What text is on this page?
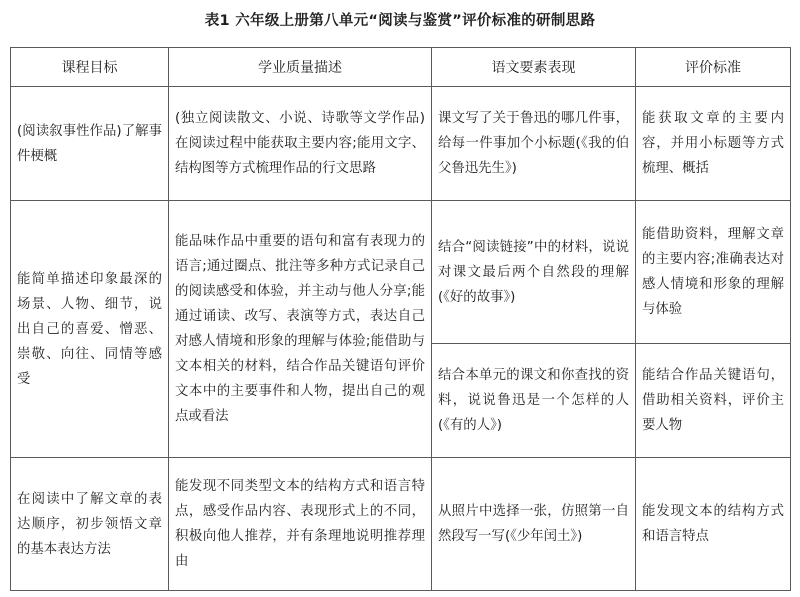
表1 六年级上册第八单元“阅读与鉴赏”评价标准的研制思路
课程目标	学业质量描述	语文要素表现	评价标准

(阅读叙事性作品)了解事件梗概	(独立阅读散文、小说、诗歌等文学作品)在阅读过程中能获取主要内容;能用文字、结构图等方式梳理作品的行文思路	课文写了关于鲁迅的哪几件事，给每一件事加个小标题(《我的伯父鲁迅先生》)	能获取文章的主要内容，并用小标题等方式梳理、概括

能简单描述印象最深的场景、人物、细节，说出自己的喜爱、憎恶、崇敬、向往、同情等感受	能品味作品中重要的语句和富有表现力的语言;通过圈点、批注等多种方式记录自己的阅读感受和体验，并主动与他人分享;能通过诵读、改写、表演等方式，表达自己对感人情境和形象的理解与体验;能借助与文本相关的材料，结合作品关键语句评价文本中的主要事件和人物，提出自己的观点或看法	结合“阅读链接”中的材料，说说对课文最后两个自然段的理解(《好的故事》)	能借助资料，理解文章的主要内容;准确表达对感人情境和形象的理解与体验

		结合本单元的课文和你查找的资料，说说鲁迅是一个怎样的人(《有的人》)	能结合作品关键语句，借助相关资料，评价主要人物

在阅读中了解文章的表达顺序，初步领悟文章的基本表达方法	能发现不同类型文本的结构方式和语言特点，感受作品内容、表现形式上的不同，积极向他人推荐，并有条理地说明推荐理由	从照片中选择一张，仿照第一自然段写一写(《少年闰土》)	能发现文本的结构方式和语言特点
